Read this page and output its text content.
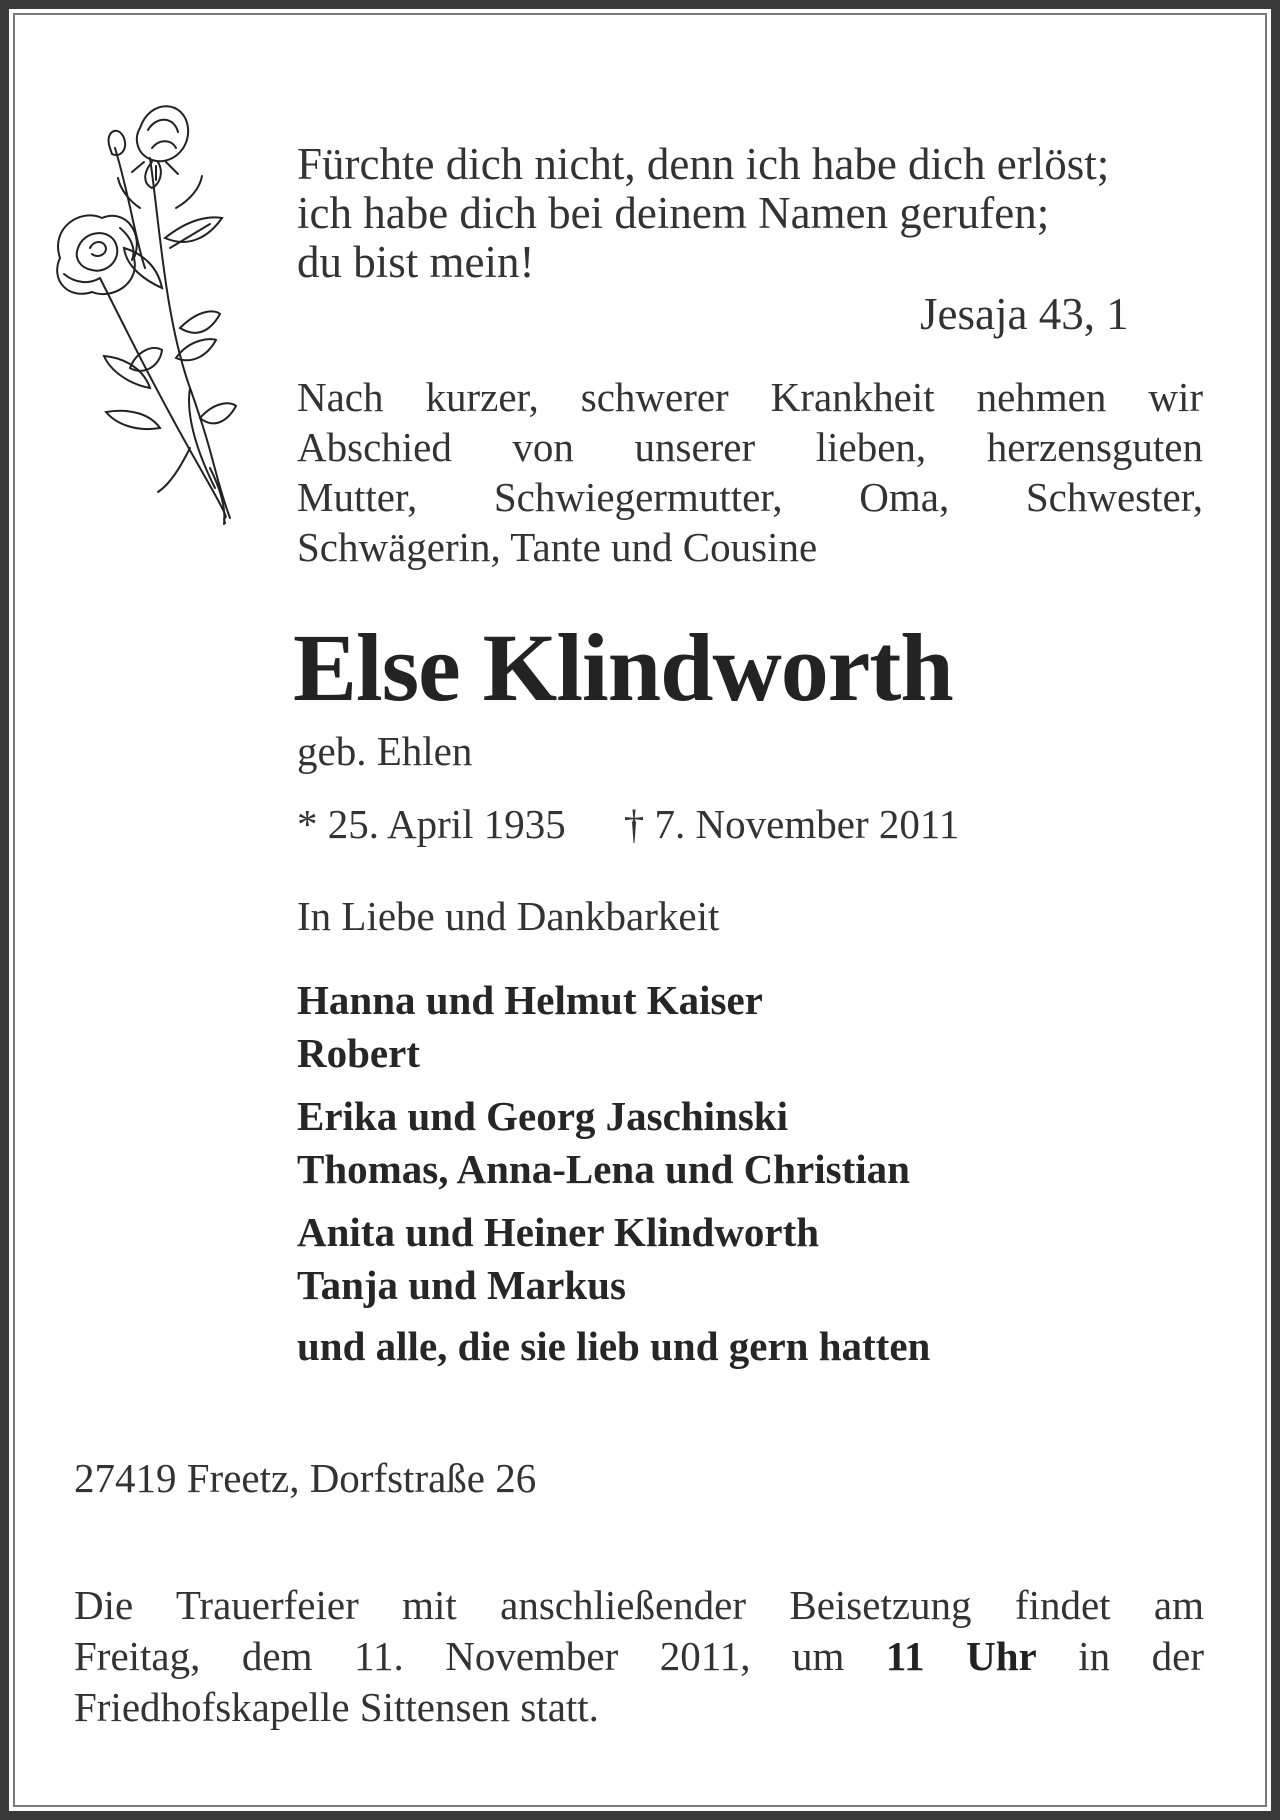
Fürchte dich nicht, denn ich habe dich erlöst;
ich habe dich bei deinem Namen gerufen;
du bist mein!
Jesaja 43, 1
Nach kurzer, schwerer Krankheit nehmen wir
Abschied von unserer lieben, herzensguten
Mutter, Schwiegermutter, Oma, Schwester,
Schwägerin, Tante und Cousine
Else Klindworth
geb. Ehlen
* 25. April 1935 † 7. November 2011
In Liebe und Dankbarkeit
Hanna und Helmut Kaiser
Robert
Erika und Georg Jaschinski
Thomas, Anna-Lena und Christian
Anita und Heiner Klindworth
Tanja und Markus
und alle, die sie lieb und gern hatten
27419 Freetz, Dorfstraße 26

Die Trauerfeier mit anschließender Beisetzung findet am
Freitag, dem 11. November 2011, um 11 Uhr in der
Friedhofskapelle Sittensen statt.
